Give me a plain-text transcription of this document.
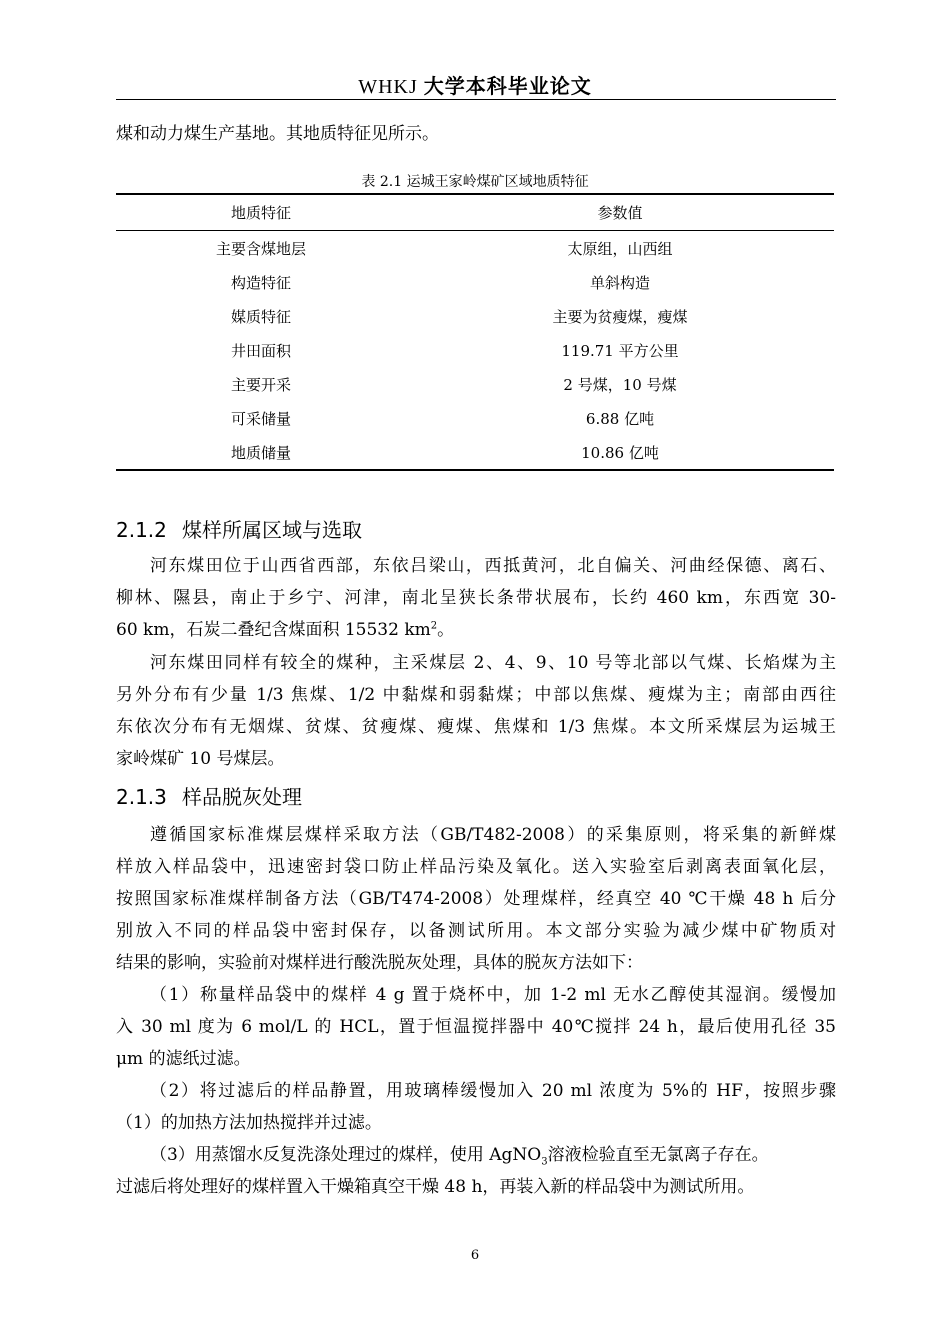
WHKJ 大学本科毕业论文
煤和动力煤生产基地。其地质特征见所示。
表 2.1 运城王家岭煤矿区域地质特征
地质特征	参数值
主要含煤地层	太原组，山西组
构造特征	单斜构造
媒质特征	主要为贫瘦煤，瘦煤
井田面积	119.71 平方公里
主要开采	2 号煤，10 号煤
可采储量	6.88 亿吨
地质储量	10.86 亿吨
2.1.2 煤样所属区域与选取
河东煤田位于山西省西部，东依吕梁山，西抵黄河，北自偏关、河曲经保德、离石、
柳林、隰县，南止于乡宁、河津，南北呈狭长条带状展布，长约 460 km，东西宽 30-
60 km，石炭二叠纪含煤面积 15532 $km^2$。
河东煤田同样有较全的煤种，主采煤层 2、4、9、10 号等北部以气煤、长焰煤为主
另外分布有少量 1/3 焦煤、1/2 中黏煤和弱黏煤；中部以焦煤、瘦煤为主；南部由西往
东依次分布有无烟煤、贫煤、贫瘦煤、瘦煤、焦煤和 1/3 焦煤。本文所采煤层为运城王
家岭煤矿 10 号煤层。
2.1.3 样品脱灰处理
遵循国家标准煤层煤样采取方法（GB/T482-2008）的采集原则，将采集的新鲜煤
样放入样品袋中，迅速密封袋口防止样品污染及氧化。送入实验室后剥离表面氧化层，
按照国家标准煤样制备方法（GB/T474-2008）处理煤样，经真空 40 ℃干燥 48 h 后分
别放入不同的样品袋中密封保存，以备测试所用。本文部分实验为减少煤中矿物质对
结果的影响，实验前对煤样进行酸洗脱灰处理，具体的脱灰方法如下：
（1）称量样品袋中的煤样 4 g 置于烧杯中，加 1-2 ml 无水乙醇使其湿润。缓慢加
入 30 ml 度为 6 mol/L 的 HCL，置于恒温搅拌器中 40℃搅拌 24 h，最后使用孔径 35
μm 的滤纸过滤。
（2）将过滤后的样品静置，用玻璃棒缓慢加入 20 ml 浓度为 5%的 HF，按照步骤
（1）的加热方法加热搅拌并过滤。
（3）用蒸馏水反复洗涤处理过的煤样，使用 AgNO$_3$溶液检验直至无氯离子存在。
过滤后将处理好的煤样置入干燥箱真空干燥 48 h，再装入新的样品袋中为测试所用。
6
